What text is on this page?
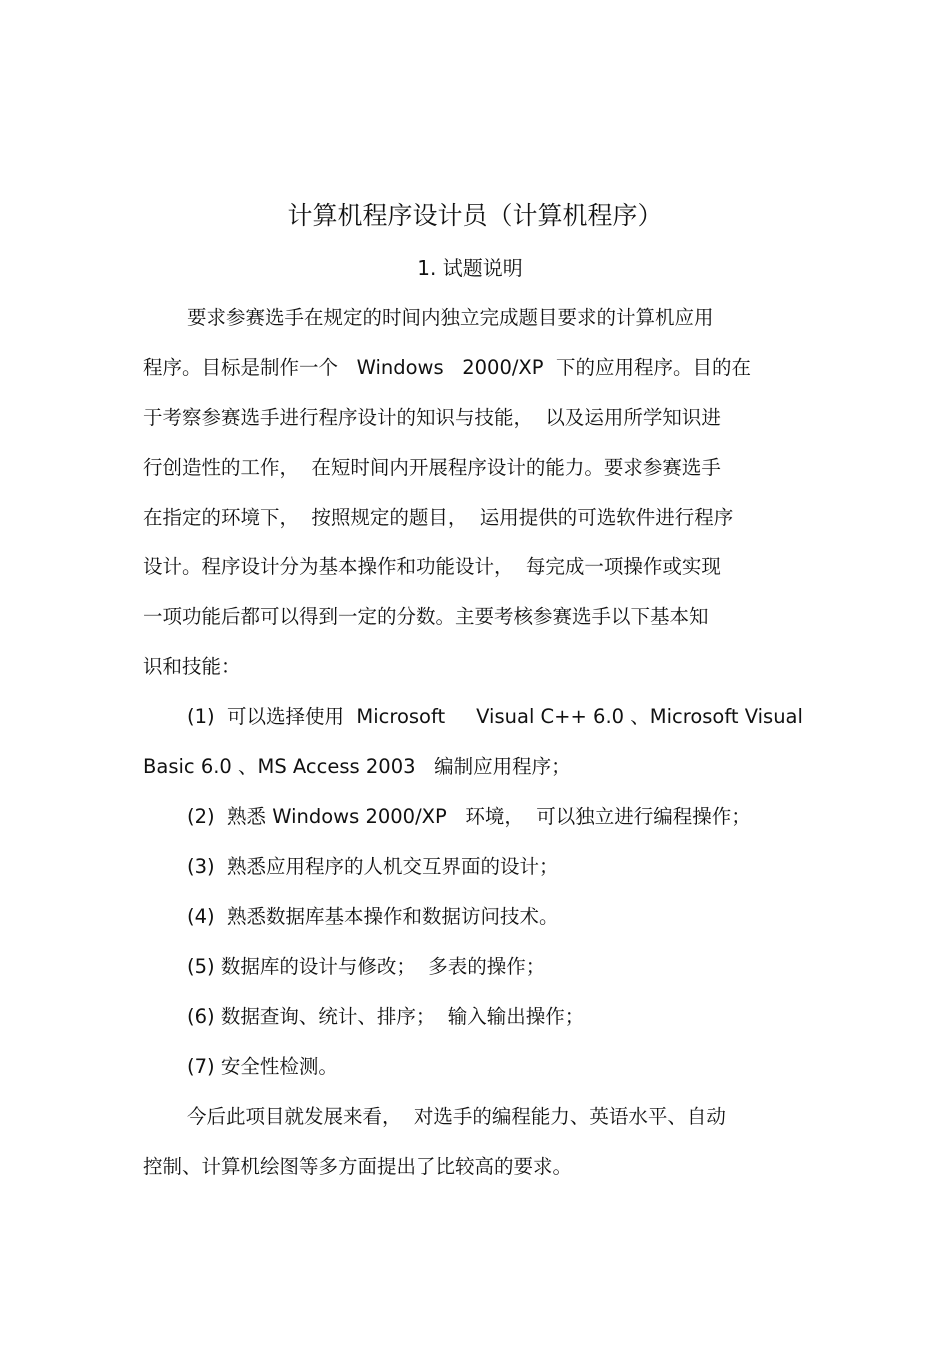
计算机程序设计员（计算机程序）
1. 试题说明
要求参赛选手在规定的时间内独立完成题目要求的计算机应用
程序。目标是制作一个   Windows   2000/XP  下的应用程序。目的在
于考察参赛选手进行程序设计的知识与技能，  以及运用所学知识进
行创造性的工作，  在短时间内开展程序设计的能力。要求参赛选手
在指定的环境下，  按照规定的题目，  运用提供的可选软件进行程序
设计。程序设计分为基本操作和功能设计，  每完成一项操作或实现
一项功能后都可以得到一定的分数。主要考核参赛选手以下基本知
识和技能：
(1)  可以选择使用  Microsoft     Visual C++ 6.0 、Microsoft Visual
Basic 6.0 、MS Access 2003   编制应用程序；
(2)  熟悉 Windows 2000/XP   环境，  可以独立进行编程操作；
(3)  熟悉应用程序的人机交互界面的设计；
(4)  熟悉数据库基本操作和数据访问技术。
(5) 数据库的设计与修改；  多表的操作；
(6) 数据查询、统计、排序；  输入输出操作；
(7) 安全性检测。
今后此项目就发展来看，  对选手的编程能力、英语水平、自动
控制、计算机绘图等多方面提出了比较高的要求。
